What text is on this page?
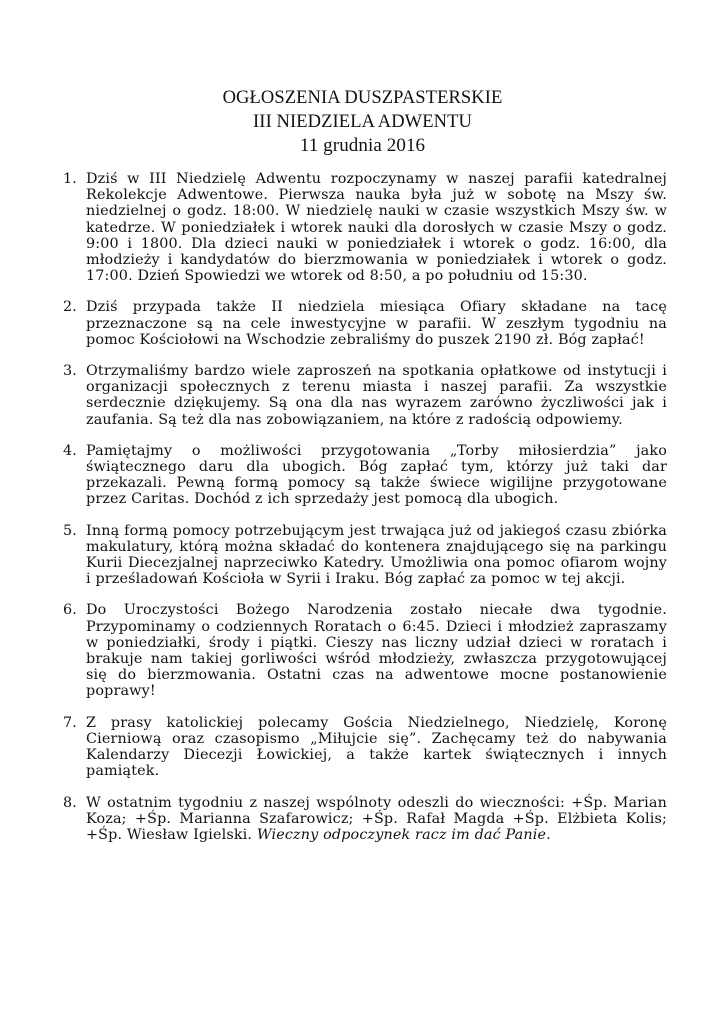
OGŁOSZENIA DUSZPASTERSKIE
III NIEDZIELA ADWENTU
11 grudnia 2016
1. Dziś w III Niedzielę Adwentu rozpoczynamy w naszej parafii katedralnej Rekolekcje Adwentowe. Pierwsza nauka była już w sobotę na Mszy św. niedzielnej o godz. 18:00. W niedzielę nauki w czasie wszystkich Mszy św. w katedrze. W poniedziałek i wtorek nauki dla dorosłych w czasie Mszy o godz. 9:00 i 1800. Dla dzieci nauki w poniedziałek i wtorek o godz. 16:00, dla młodzieży i kandydatów do bierzmowania w poniedziałek i wtorek o godz. 17:00. Dzień Spowiedzi we wtorek od 8:50, a po południu od 15:30.
2. Dziś przypada także II niedziela miesiąca Ofiary składane na tacę przeznaczone są na cele inwestycyjne w parafii. W zeszłym tygodniu na pomoc Kościołowi na Wschodzie zebraliśmy do puszek 2190 zł. Bóg zapłać!
3. Otrzymaliśmy bardzo wiele zaproszeń na spotkania opłatkowe od instytucji i organizacji społecznych z terenu miasta i naszej parafii. Za wszystkie serdecznie dziękujemy. Są ona dla nas wyrazem zarówno życzliwości jak i zaufania. Są też dla nas zobowiązaniem, na które z radością odpowiemy.
4. Pamiętajmy o możliwości przygotowania „Torby miłosierdzia” jako świątecznego daru dla ubogich. Bóg zapłać tym, którzy już taki dar przekazali. Pewną formą pomocy są także świece wigilijne przygotowane przez Caritas. Dochód z ich sprzedaży jest pomocą dla ubogich.
5. Inną formą pomocy potrzebującym jest trwająca już od jakiegoś czasu zbiórka makulatury, którą można składać do kontenera znajdującego się na parkingu Kurii Diecezjalnej naprzeciwko Katedry. Umożliwia ona pomoc ofiarom wojny i prześladowań Kościoła w Syrii i Iraku. Bóg zapłać za pomoc w tej akcji.
6. Do Uroczystości Bożego Narodzenia zostało niecałe dwa tygodnie. Przypominamy o codziennych Roratach o 6:45. Dzieci i młodzież zapraszamy w poniedziałki, środy i piątki. Cieszy nas liczny udział dzieci w roratach i brakuje nam takiej gorliwości wśród młodzieży, zwłaszcza przygotowującej się do bierzmowania. Ostatni czas na adwentowe mocne postanowienie poprawy!
7. Z prasy katolickiej polecamy Gościa Niedzielnego, Niedzielę, Koronę Cierniową oraz czasopismo „Miłujcie się”. Zachęcamy też do nabywania Kalendarzy Diecezji Łowickiej, a także kartek świątecznych i innych pamiątek.
8. W ostatnim tygodniu z naszej wspólnoty odeszli do wieczności: +Śp. Marian Koza; +Śp. Marianna Szafarowicz; +Śp. Rafał Magda +Śp. Elżbieta Kolis; +Śp. Wiesław Igielski. Wieczny odpoczynek racz im dać Panie.
